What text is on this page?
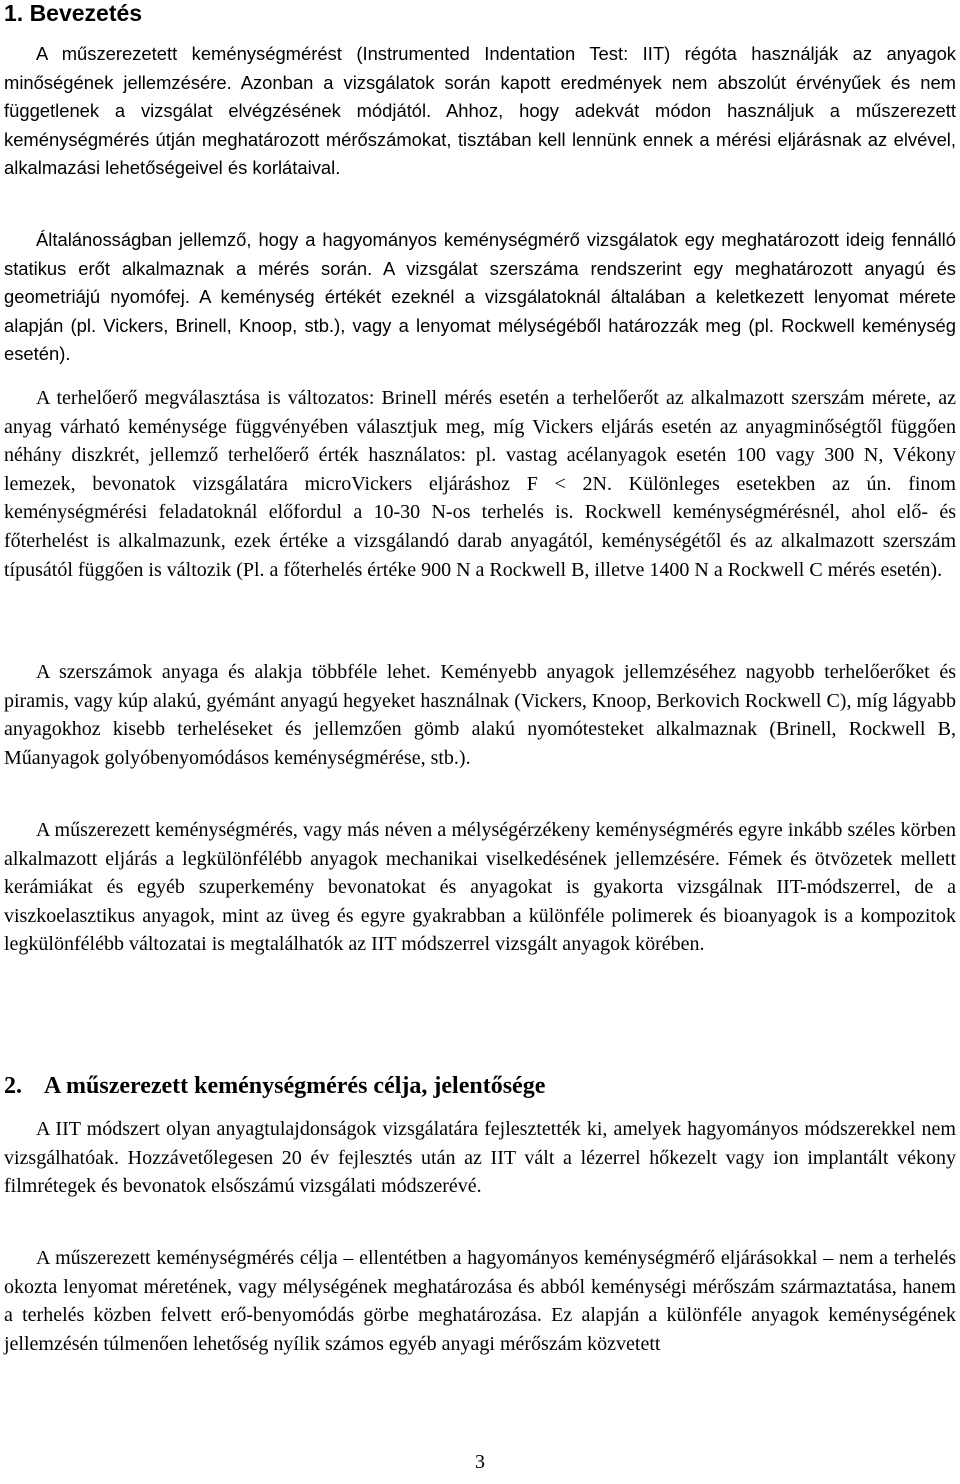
1. Bevezetés

A műszerezetett keménységmérést (Instrumented Indentation Test: IIT) régóta használják az anyagok minőségének jellemzésére. Azonban a vizsgálatok során kapott eredmények nem abszolút érvényűek és nem függetlenek a vizsgálat elvégzésének módjától. Ahhoz, hogy adekvát módon használjuk a műszerezett keménységmérés útján meghatározott mérőszámokat, tisztában kell lennünk ennek a mérési eljárásnak az elvével, alkalmazási lehetőségeivel és korlátaival.

Általánosságban jellemző, hogy a hagyományos keménységmérő vizsgálatok egy meghatározott ideig fennálló statikus erőt alkalmaznak a mérés során. A vizsgálat szerszáma rendszerint egy meghatározott anyagú és geometriájú nyomófej. A keménység értékét ezeknél a vizsgálatoknál általában a keletkezett lenyomat mérete alapján (pl. Vickers, Brinell, Knoop, stb.), vagy a lenyomat mélységéből határozzák meg (pl. Rockwell keménység esetén).

A terhelőerő megválasztása is változatos: Brinell mérés esetén a terhelőerőt az alkalmazott szerszám mérete, az anyag várható keménysége függvényében választjuk meg, míg Vickers eljárás esetén az anyagminőségtől függően néhány diszkrét, jellemző terhelőerő érték használatos: pl. vastag acélanyagok esetén 100 vagy 300 N, Vékony lemezek, bevonatok vizsgálatára microVickers eljáráshoz F < 2N. Különleges esetekben az ún. finom keménységmérési feladatoknál előfordul a 10-30 N-os terhelés is. Rockwell keménységmérésnél, ahol elő- és főterhelést is alkalmazunk, ezek értéke a vizsgálandó darab anyagától, keménységétől és az alkalmazott szerszám típusától függően is változik (Pl. a főterhelés értéke 900 N a Rockwell B, illetve 1400 N a Rockwell C mérés esetén).

A szerszámok anyaga és alakja többféle lehet. Keményebb anyagok jellemzéséhez nagyobb terhelőerőket és piramis, vagy kúp alakú, gyémánt anyagú hegyeket használnak (Vickers, Knoop, Berkovich Rockwell C), míg lágyabb anyagokhoz kisebb terheléseket és jellemzően gömb alakú nyomótesteket alkalmaznak (Brinell, Rockwell B, Műanyagok golyóbenyomódásos keménységmérése, stb.).

A műszerezett keménységmérés, vagy más néven a mélységérzékeny keménységmérés egyre inkább széles körben alkalmazott eljárás a legkülönfélébb anyagok mechanikai viselkedésének jellemzésére. Fémek és ötvözetek mellett kerámiákat és egyéb szuperkemény bevonatokat és anyagokat is gyakorta vizsgálnak IIT-módszerrel, de a viszkoelasztikus anyagok, mint az üveg és egyre gyakrabban a különféle polimerek és bioanyagok is a kompozitok legkülönfélébb változatai is megtalálhatók az IIT módszerrel vizsgált anyagok körében.

2. A műszerezett keménységmérés célja, jelentősége

A IIT módszert olyan anyagtulajdonságok vizsgálatára fejlesztették ki, amelyek hagyományos módszerekkel nem vizsgálhatóak. Hozzávetőlegesen 20 év fejlesztés után az IIT vált a lézerrel hőkezelt vagy ion implantált vékony filmrétegek és bevonatok elsőszámú vizsgálati módszerévé.

A műszerezett keménységmérés célja – ellentétben a hagyományos keménységmérő eljárásokkal – nem a terhelés okozta lenyomat méretének, vagy mélységének meghatározása és abból keménységi mérőszám származtatása, hanem a terhelés közben felvett erő-benyomódás görbe meghatározása. Ez alapján a különféle anyagok keménységének jellemzésén túlmenően lehetőség nyílik számos egyéb anyagi mérőszám közvetett

3
